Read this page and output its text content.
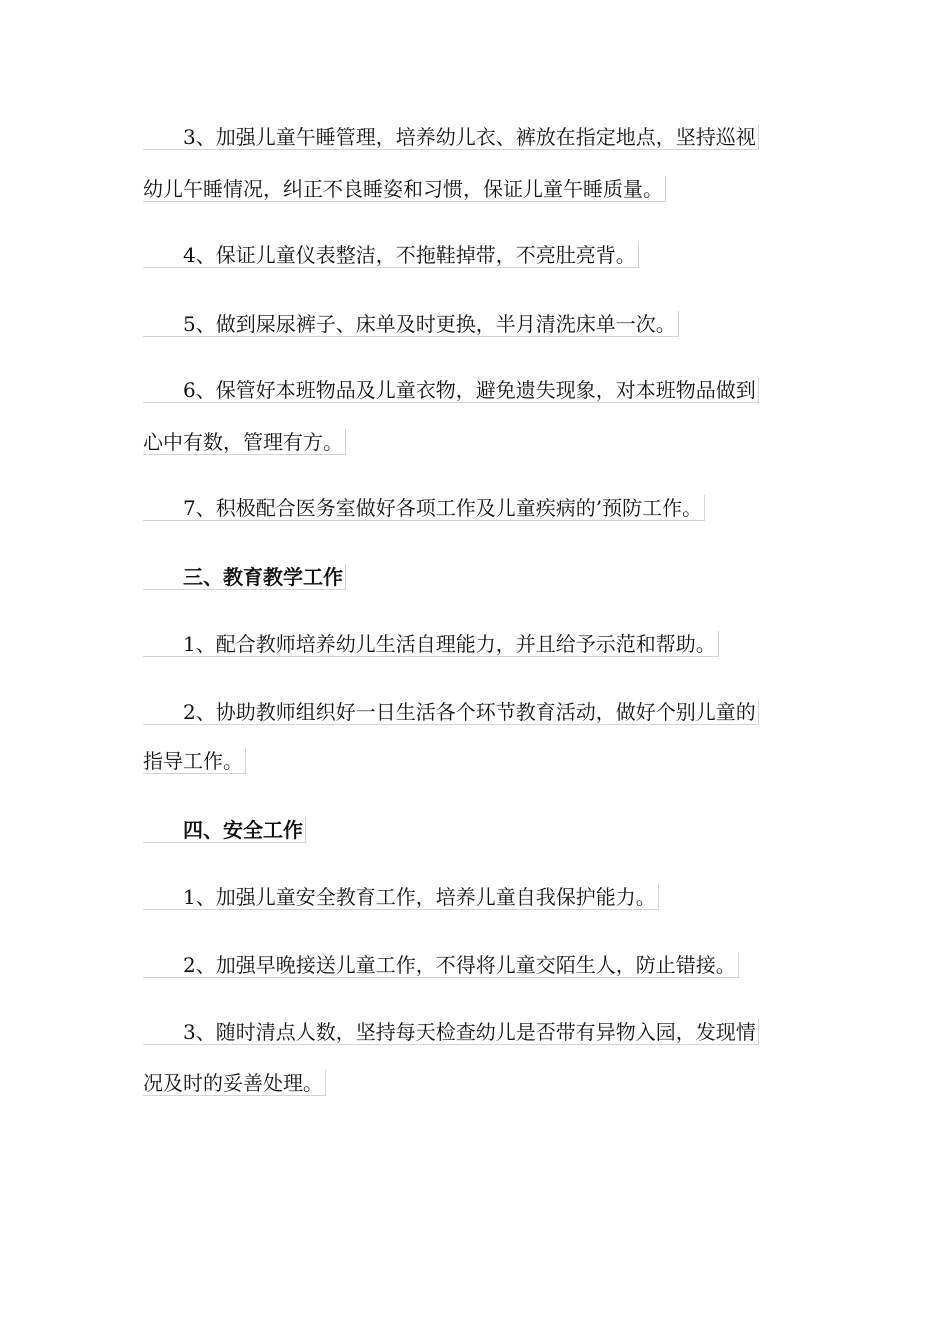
　　3、加强儿童午睡管理，培养幼儿衣、裤放在指定地点，坚持巡视
幼儿午睡情况，纠正不良睡姿和习惯，保证儿童午睡质量。
　　4、保证儿童仪表整洁，不拖鞋掉带，不亮肚亮背。
　　5、做到屎尿裤子、床单及时更换，半月清洗床单一次。
　　6、保管好本班物品及儿童衣物，避免遗失现象，对本班物品做到
心中有数，管理有方。
　　7、积极配合医务室做好各项工作及儿童疾病的’预防工作。
　　三、教育教学工作
　　1、配合教师培养幼儿生活自理能力，并且给予示范和帮助。
　　2、协助教师组织好一日生活各个环节教育活动，做好个别儿童的
指导工作。
　　四、安全工作
　　1、加强儿童安全教育工作，培养儿童自我保护能力。
　　2、加强早晚接送儿童工作，不得将儿童交陌生人，防止错接。
　　3、随时清点人数，坚持每天检查幼儿是否带有异物入园，发现情
况及时的妥善处理。
